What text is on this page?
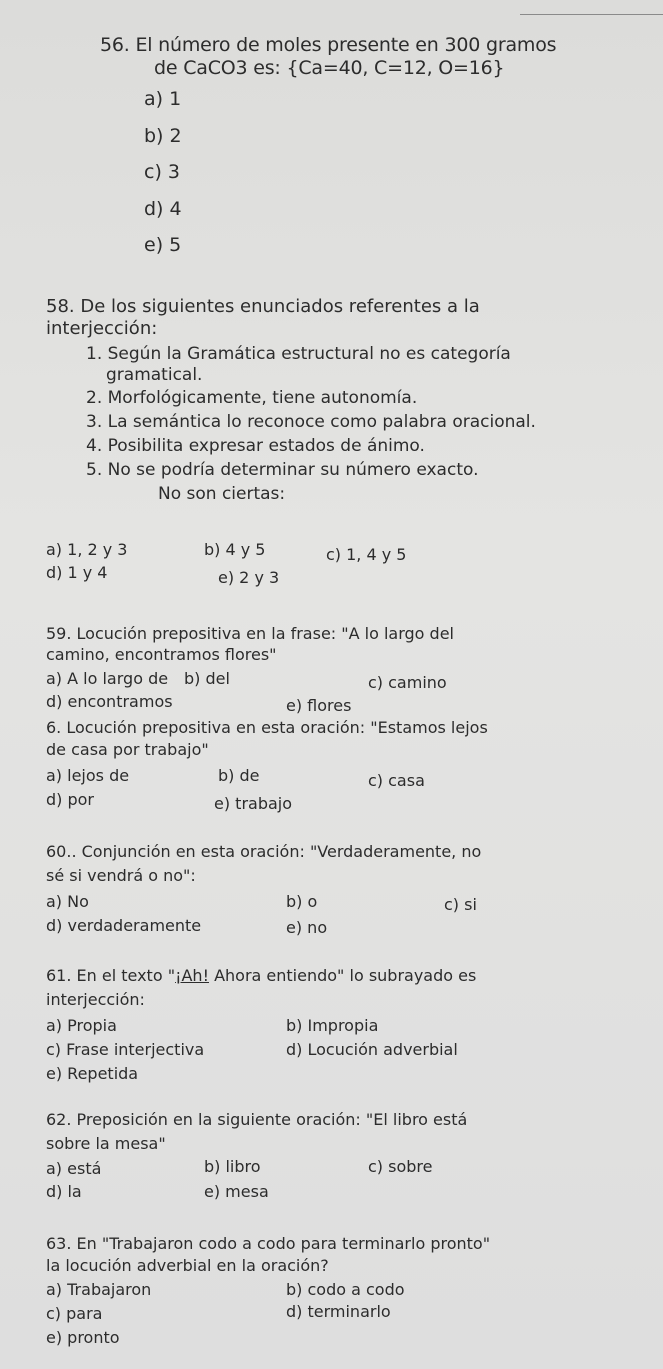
56. El número de moles presente en 300 gramos
de CaCO3 es: {Ca=40, C=12, O=16}
a) 1
b) 2
c) 3
d) 4
e) 5
58. De los siguientes enunciados referentes a la
interjección:
1. Según la Gramática estructural no es categoría
gramatical.
2. Morfológicamente, tiene autonomía.
3. La semántica lo reconoce como palabra oracional.
4. Posibilita expresar estados de ánimo.
5. No se podría determinar su número exacto.
No son ciertas:
a) 1, 2 y 3	b) 4 y 5	c) 1, 4 y 5
d) 1 y 4	e) 2 y 3
59. Locución prepositiva en la frase: "A lo largo del
camino, encontramos flores"
a) A lo largo de b) del	c) camino
d) encontramos	e) flores
6. Locución prepositiva en esta oración: "Estamos lejos
de casa por trabajo"
a) lejos de	b) de	c) casa
d) por	e) trabajo
60.. Conjunción en esta oración: "Verdaderamente, no
sé si vendrá o no":
a) No	b) o	c) si
d) verdaderamente	e) no
61. En el texto "¡Ah! Ahora entiendo" lo subrayado es
interjección:
a) Propia	b) Impropia
c) Frase interjectiva	d) Locución adverbial
e) Repetida
62. Preposición en la siguiente oración: "El libro está
sobre la mesa"
a) está	b) libro	c) sobre
d) la	e) mesa
63. En "Trabajaron codo a codo para terminarlo pronto"
la locución adverbial en la oración?
a) Trabajaron	b) codo a codo
c) para	d) terminarlo
e) pronto
